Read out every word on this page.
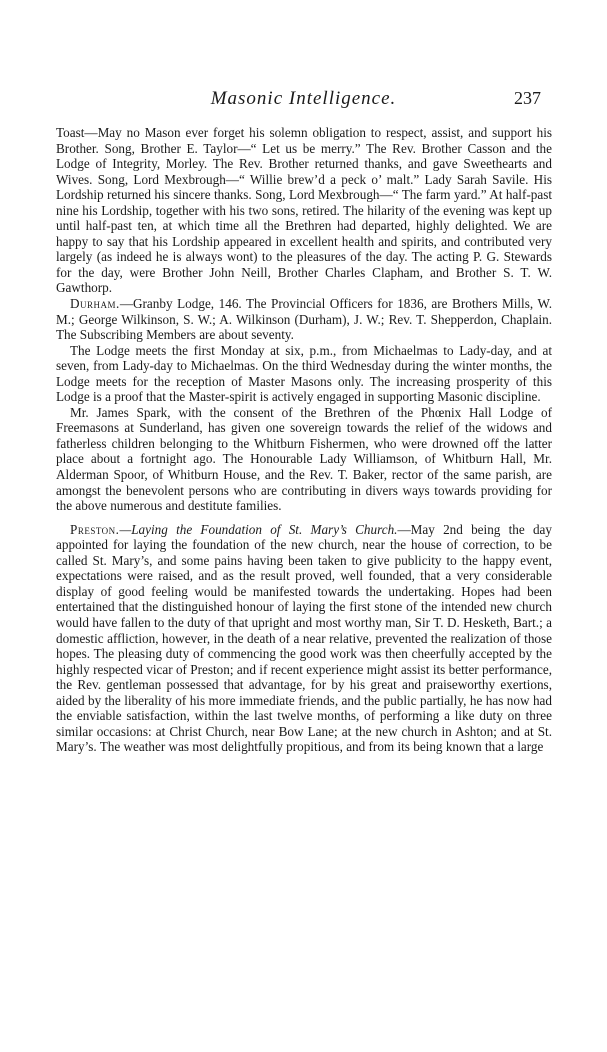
Masonic Intelligence.	237

Toast—May no Mason ever forget his solemn obligation to respect, assist, and support his Brother. Song, Brother E. Taylor—“ Let us be merry.” The Rev. Brother Casson and the Lodge of Integrity, Morley. The Rev. Brother returned thanks, and gave Sweethearts and Wives. Song, Lord Mexbrough—“ Willie brew’d a peck o’ malt.” Lady Sarah Savile. His Lordship returned his sincere thanks. Song, Lord Mexbrough—“ The farm yard.” At half-past nine his Lordship, together with his two sons, retired. The hilarity of the evening was kept up until half-past ten, at which time all the Brethren had departed, highly delighted. We are happy to say that his Lordship appeared in excellent health and spirits, and contributed very largely (as indeed he is always wont) to the pleasures of the day. The acting P. G. Stewards for the day, were Brother John Neill, Brother Charles Clapham, and Brother S. T. W. Gawthorp.

Durham.—Granby Lodge, 146. The Provincial Officers for 1836, are Brothers Mills, W. M.; George Wilkinson, S. W.; A. Wilkinson (Durham), J. W.; Rev. T. Shepperdon, Chaplain. The Subscribing Members are about seventy.

The Lodge meets the first Monday at six, p.m., from Michaelmas to Lady-day, and at seven, from Lady-day to Michaelmas. On the third Wednesday during the winter months, the Lodge meets for the reception of Master Masons only. The increasing prosperity of this Lodge is a proof that the Master-spirit is actively engaged in supporting Masonic discipline.

Mr. James Spark, with the consent of the Brethren of the Phœnix Hall Lodge of Freemasons at Sunderland, has given one sovereign towards the relief of the widows and fatherless children belonging to the Whitburn Fishermen, who were drowned off the latter place about a fortnight ago. The Honourable Lady Williamson, of Whitburn Hall, Mr. Alderman Spoor, of Whitburn House, and the Rev. T. Baker, rector of the same parish, are amongst the benevolent persons who are contributing in divers ways towards providing for the above numerous and destitute families.

Preston.—Laying the Foundation of St. Mary’s Church.—May 2nd being the day appointed for laying the foundation of the new church, near the house of correction, to be called St. Mary’s, and some pains having been taken to give publicity to the happy event, expectations were raised, and as the result proved, well founded, that a very considerable display of good feeling would be manifested towards the undertaking. Hopes had been entertained that the distinguished honour of laying the first stone of the intended new church would have fallen to the duty of that upright and most worthy man, Sir T. D. Hesketh, Bart.; a domestic affliction, however, in the death of a near relative, prevented the realization of those hopes. The pleasing duty of commencing the good work was then cheerfully accepted by the highly respected vicar of Preston; and if recent experience might assist its better performance, the Rev. gentleman possessed that advantage, for by his great and praiseworthy exertions, aided by the liberality of his more immediate friends, and the public partially, he has now had the enviable satisfaction, within the last twelve months, of performing a like duty on three similar occasions: at Christ Church, near Bow Lane; at the new church in Ashton; and at St. Mary’s. The weather was most delightfully propitious, and from its being known that a large
